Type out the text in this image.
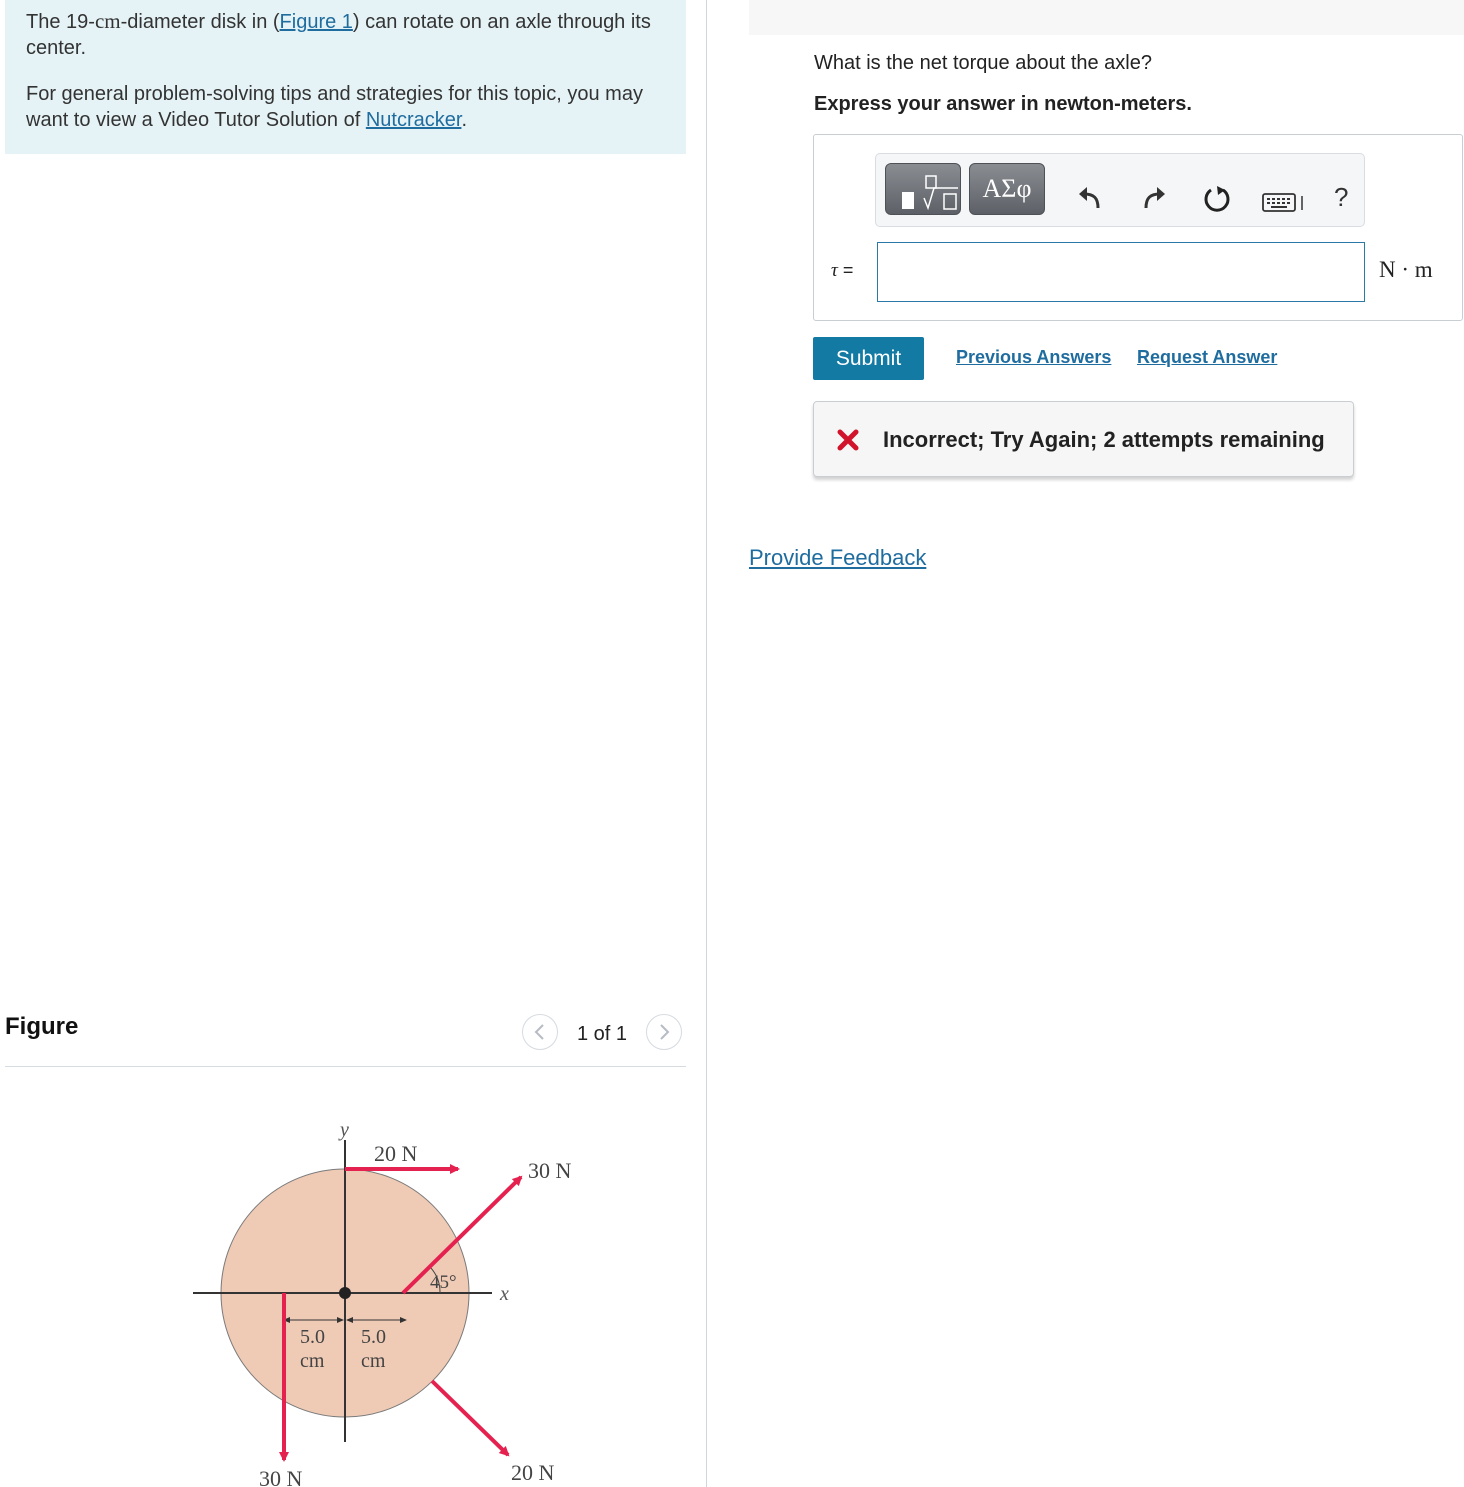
The 19-cm-diameter disk in (Figure 1) can rotate on an axle through its center.

For general problem-solving tips and strategies for this topic, you may want to view a Video Tutor Solution of Nutcracker.

Figure	1 of 1
y
x
5.0
cm
5.0
cm
45°
20 N
30 N
30 N	20 N
What is the net torque about the axle?
Express your answer in newton-meters.
ΑΣφ	?
τ =	N · m
Submit	Previous Answers Request Answer
Incorrect; Try Again; 2 attempts remaining
Provide Feedback
